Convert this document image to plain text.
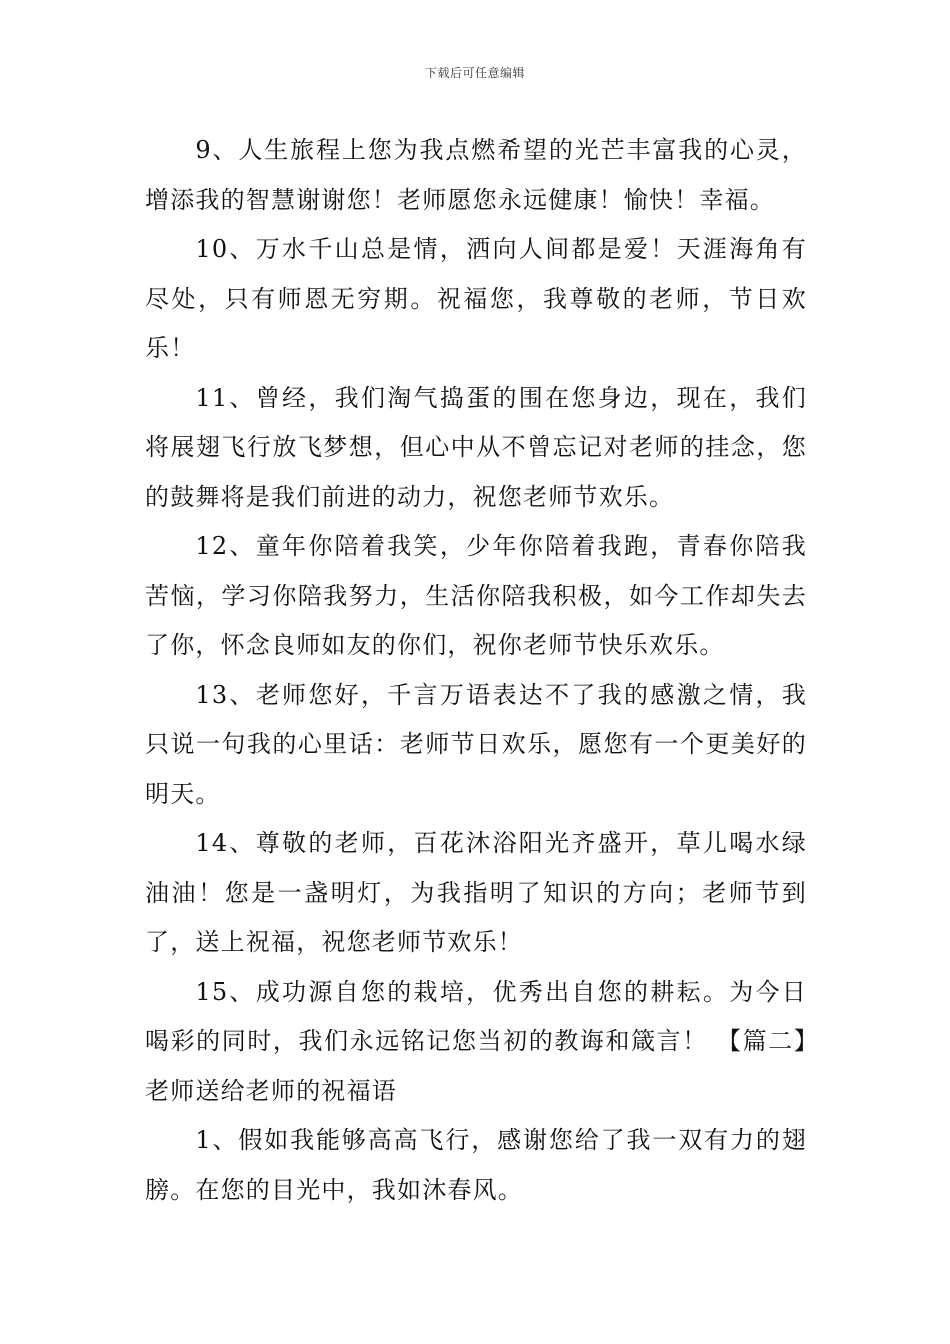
下载后可任意编辑

9、人生旅程上您为我点燃希望的光芒丰富我的心灵，增添我的智慧谢谢您！老师愿您永远健康！愉快！幸福。

10、万水千山总是情，洒向人间都是爱！天涯海角有尽处，只有师恩无穷期。祝福您，我尊敬的老师，节日欢乐！

11、曾经，我们淘气捣蛋的围在您身边，现在，我们将展翅飞行放飞梦想，但心中从不曾忘记对老师的挂念，您的鼓舞将是我们前进的动力，祝您老师节欢乐。

12、童年你陪着我笑，少年你陪着我跑，青春你陪我苦恼，学习你陪我努力，生活你陪我积极，如今工作却失去了你，怀念良师如友的你们，祝你老师节快乐欢乐。

13、老师您好，千言万语表达不了我的感激之情，我只说一句我的心里话：老师节日欢乐，愿您有一个更美好的明天。

14、尊敬的老师，百花沐浴阳光齐盛开，草儿喝水绿油油！您是一盏明灯，为我指明了知识的方向；老师节到了，送上祝福，祝您老师节欢乐！

15、成功源自您的栽培，优秀出自您的耕耘。为今日喝彩的同时，我们永远铭记您当初的教诲和箴言！ 【篇二】老师送给老师的祝福语

1、假如我能够高高飞行，感谢您给了我一双有力的翅膀。在您的目光中，我如沐春风。
